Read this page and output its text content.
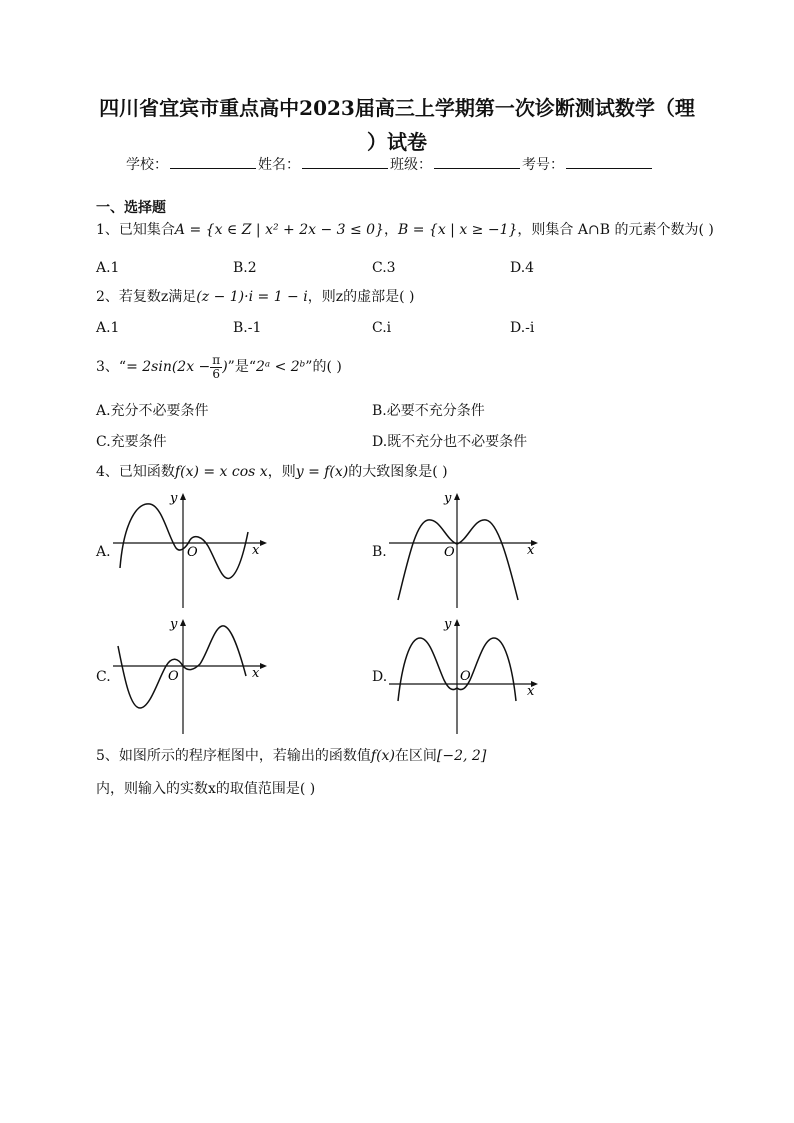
四川省宜宾市重点高中2023届高三上学期第一次诊断测试数学（理
）试卷
学校：	姓名：	班级：	考号：
一、选择题
1、已知集合A = {x ∈ Z | x² + 2x − 3 ≤ 0}，B = {x | x ≥ −1}，则集合 A∩B 的元素个数为( )
A.1	B.2	C.3	D.4
2、若复数z满足(z − 1)·i = 1 − i，则z的虚部是( )
A.1	B.-1	C.i	D.-i
3、“= $2\sin(2x - \frac{\pi}{6}$ )”是“2ᵃ < 2ᵇ”的( )
A.充分不必要条件	B.必要不充分条件
C.充要条件	D.既不充分也不必要条件
4、已知函数f(x) = x cos x，则y = f(x)的大致图象是( )
A.	B.
C.	D.
y
x
O
y
x
O
y
x
O
y
x
O
5、如图所示的程序框图中，若输出的函数值f(x)在区间[−2, 2]
内，则输入的实数x的取值范围是( )
